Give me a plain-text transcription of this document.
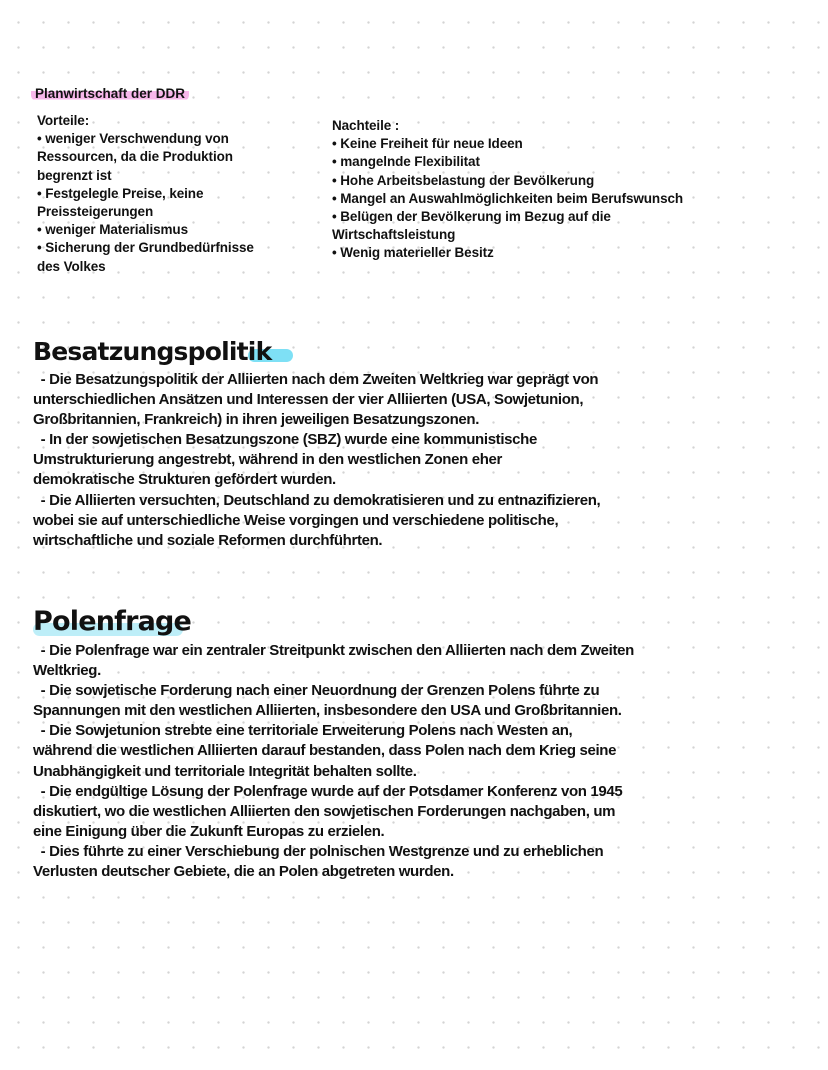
Planwirtschaft der DDR
Vorteile:
• weniger Verschwendung von
Ressourcen, da die Produktion
begrenzt ist
• Festgelegle Preise, keine
Preissteigerungen
• weniger Materialismus
• Sicherung der Grundbedürfnisse
des Volkes
Nachteile :
• Keine Freiheit für neue Ideen
• mangelnde Flexibilitat
• Hohe Arbeitsbelastung der Bevölkerung
• Mangel an Auswahlmöglichkeiten beim Berufswunsch
• Belügen der Bevölkerung im Bezug auf die
Wirtschaftsleistung
• Wenig materieller Besitz
Besatzungspolitik
- Die Besatzungspolitik der Alliierten nach dem Zweiten Weltkrieg war geprägt von
unterschiedlichen Ansätzen und Interessen der vier Alliierten (USA, Sowjetunion,
Großbritannien, Frankreich) in ihren jeweiligen Besatzungszonen.
- In der sowjetischen Besatzungszone (SBZ) wurde eine kommunistische
Umstrukturierung angestrebt, während in den westlichen Zonen eher
demokratische Strukturen gefördert wurden.
- Die Alliierten versuchten, Deutschland zu demokratisieren und zu entnazifizieren,
wobei sie auf unterschiedliche Weise vorgingen und verschiedene politische,
wirtschaftliche und soziale Reformen durchführten.
Polenfrage
- Die Polenfrage war ein zentraler Streitpunkt zwischen den Alliierten nach dem Zweiten
Weltkrieg.
- Die sowjetische Forderung nach einer Neuordnung der Grenzen Polens führte zu
Spannungen mit den westlichen Alliierten, insbesondere den USA und Großbritannien.
- Die Sowjetunion strebte eine territoriale Erweiterung Polens nach Westen an,
während die westlichen Alliierten darauf bestanden, dass Polen nach dem Krieg seine
Unabhängigkeit und territoriale Integrität behalten sollte.
- Die endgültige Lösung der Polenfrage wurde auf der Potsdamer Konferenz von 1945
diskutiert, wo die westlichen Alliierten den sowjetischen Forderungen nachgaben, um
eine Einigung über die Zukunft Europas zu erzielen.
- Dies führte zu einer Verschiebung der polnischen Westgrenze und zu erheblichen
Verlusten deutscher Gebiete, die an Polen abgetreten wurden.
